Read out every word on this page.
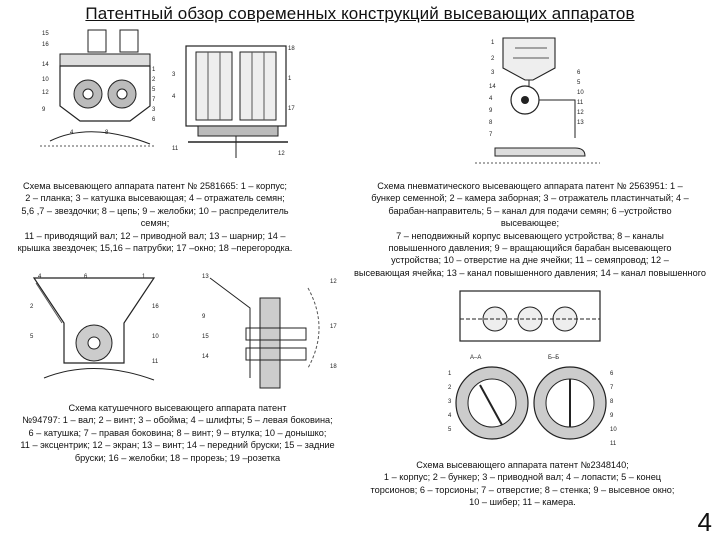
Патентный обзор современных конструкций высевающих аппаратов
15
16
14
10
12
9
1
2
5
7
3
6
4	8
18
3
4
1
17
11
12
1
2
3
14
4
9
8
7
6
5
10
11
12
13
4	6	1
2	16
5	10
11
13
9
15
14
12
17
18
А–А	Б–Б
1
2
3
4
5
6
7
8
9
10
11
Схема высевающего аппарата патент № 2581665: 1 – корпус;
2 – планка; 3 – катушка высевающая; 4 – отражатель семян;
5,6 ,7 – звездочки; 8 – цепь; 9 – желобки; 10 – распределитель
семян;
11 – приводящий вал; 12 – приводной вал; 13 – шарнир; 14 –
крышка звездочек; 15,16 – патрубки; 17 –окно; 18 –перегородка.
Схема пневматического высевающего аппарата патент № 2563951: 1 –
бункер семенной; 2 – камера заборная; 3 – отражатель пластинчатый; 4 –
барабан-направитель; 5 – канал для подачи семян; 6 –устройство
высевающее;
7 – неподвижный корпус высевающего устройства; 8 – каналы
повышенного давления; 9 – вращающийся барабан высевающего
устройства; 10 – отверстие на дне ячейки; 11 – семяпровод; 12 –
высевающая ячейка; 13 – канал повышенного давления; 14 – канал повышенного
Схема катушечного высевающего аппарата патент
№94797: 1 – вал; 2 – винт; 3 – обойма; 4 – шлифты; 5 – левая боковина;
6 – катушка; 7 – правая боковина; 8 – винт; 9 – втулка; 10 – донышко;
11 – эксцентрик; 12 – экран; 13 – винт; 14 – передний бруски; 15 – задние
бруски; 16 – желобки; 18 – прорезь; 19 –розетка
Схема высевающего аппарата патент №2348140;
1 – корпус; 2 – бункер; 3 – приводной вал; 4 – лопасти; 5 – конец
торсионов; 6 – торсионы; 7 – отверстие; 8 – стенка; 9 – высевное окно;
10 – шибер; 11 – камера.
4
